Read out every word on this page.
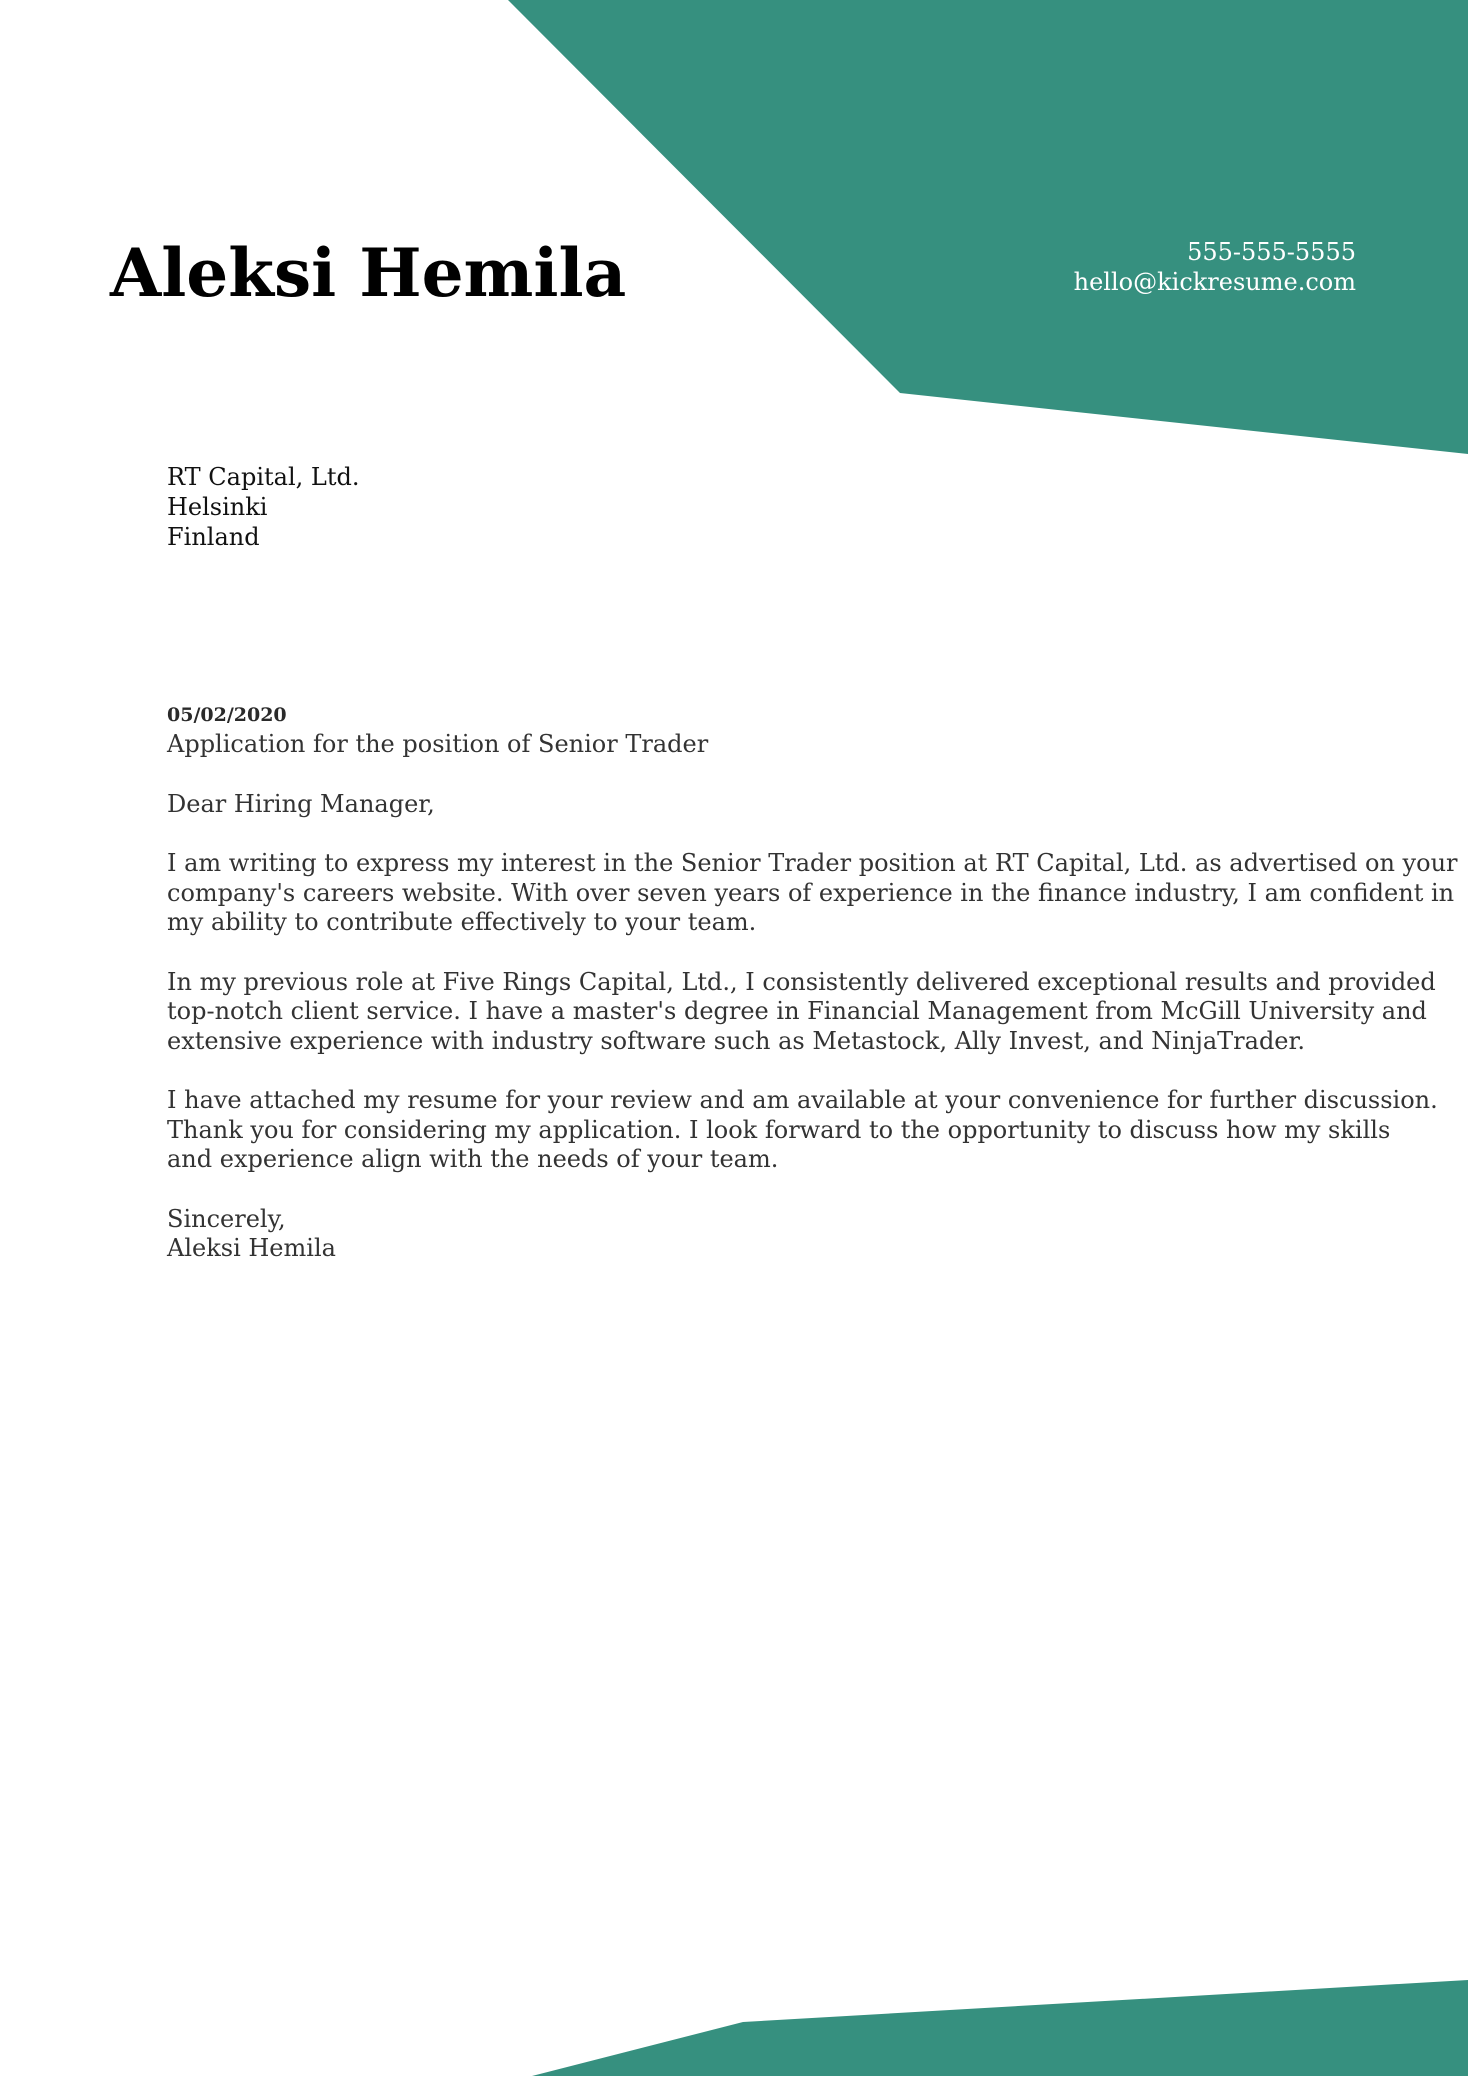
Aleksi Hemila	555-555-5555
hello@kickresume.com
RT Capital, Ltd.
Helsinki
Finland
05/02/2020
Application for the position of Senior Trader
Dear Hiring Manager,
I am writing to express my interest in the Senior Trader position at RT Capital, Ltd. as advertised on your
company's careers website. With over seven years of experience in the finance industry, I am confident in
my ability to contribute effectively to your team.
In my previous role at Five Rings Capital, Ltd., I consistently delivered exceptional results and provided
top-notch client service. I have a master's degree in Financial Management from McGill University and
extensive experience with industry software such as Metastock, Ally Invest, and NinjaTrader.
I have attached my resume for your review and am available at your convenience for further discussion.
Thank you for considering my application. I look forward to the opportunity to discuss how my skills
and experience align with the needs of your team.
Sincerely,
Aleksi Hemila
